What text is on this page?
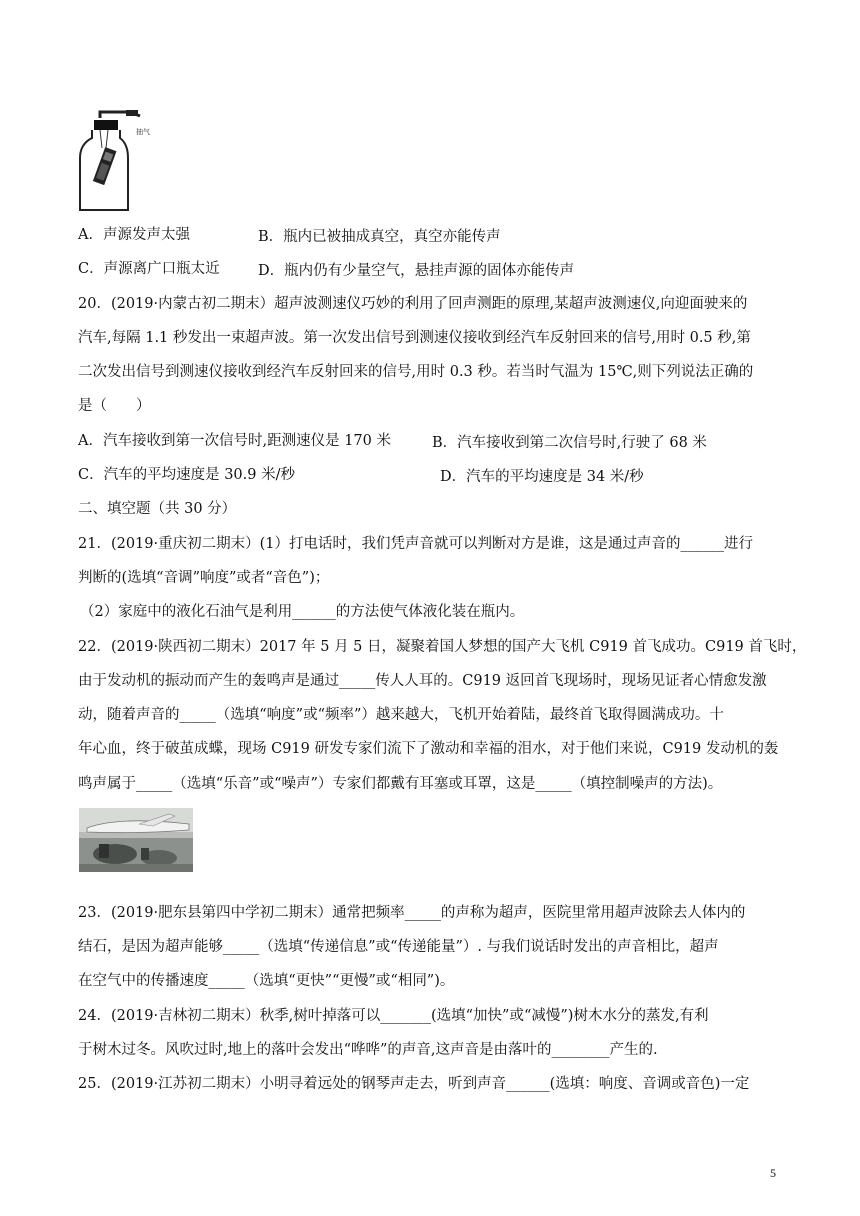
抽气
A．声源发声太强	B．瓶内已被抽成真空，真空亦能传声
C．声源离广口瓶太近	D．瓶内仍有少量空气，悬挂声源的固体亦能传声
20．(2019·内蒙古初二期末）超声波测速仪巧妙的利用了回声测距的原理,某超声波测速仪,向迎面驶来的
汽车,每隔 1.1 秒发出一束超声波。第一次发出信号到测速仪接收到经汽车反射回来的信号,用时 0.5 秒,第
二次发出信号到测速仪接收到经汽车反射回来的信号,用时 0.3 秒。若当时气温为 15℃,则下列说法正确的
是（　　）
A．汽车接收到第一次信号时,距测速仪是 170 米	B．汽车接收到第二次信号时,行驶了 68 米
C．汽车的平均速度是 30.9 米/秒	D．汽车的平均速度是 34 米/秒
二、填空题（共 30 分）
21．(2019·重庆初二期末）(1）打电话时，我们凭声音就可以判断对方是谁，这是通过声音的______进行
判断的(选填“音调”响度”或者“音色”)；
（2）家庭中的液化石油气是利用______的方法使气体液化装在瓶内。
22．(2019·陕西初二期末）2017 年 5 月 5 日，凝聚着国人梦想的国产大飞机 C919 首飞成功。C919 首飞时，
由于发动机的振动而产生的轰鸣声是通过_____传人人耳的。C919 返回首飞现场时，现场见证者心情愈发激
动，随着声音的_____（选填“响度”或“频率”）越来越大，飞机开始着陆，最终首飞取得圆满成功。十
年心血，终于破茧成蝶，现场 C919 研发专家们流下了激动和幸福的泪水，对于他们来说，C919 发动机的轰
鸣声属于_____（选填“乐音”或“噪声”）专家们都戴有耳塞或耳罩，这是_____（填控制噪声的方法)。
23．(2019·肥东县第四中学初二期末）通常把频率_____的声称为超声，医院里常用超声波除去人体内的
结石，是因为超声能够_____（选填“传递信息”或“传递能量”）. 与我们说话时发出的声音相比，超声
在空气中的传播速度_____（选填“更快”“更慢”或“相同”)。
24．(2019·吉林初二期末）秋季,树叶掉落可以_______(选填“加快”或“减慢”)树木水分的蒸发,有利
于树木过冬。风吹过时,地上的落叶会发出“哗哗”的声音,这声音是由落叶的________产生的.
25．(2019·江苏初二期末）小明寻着远处的钢琴声走去，听到声音______(选填：响度、音调或音色)一定
5
